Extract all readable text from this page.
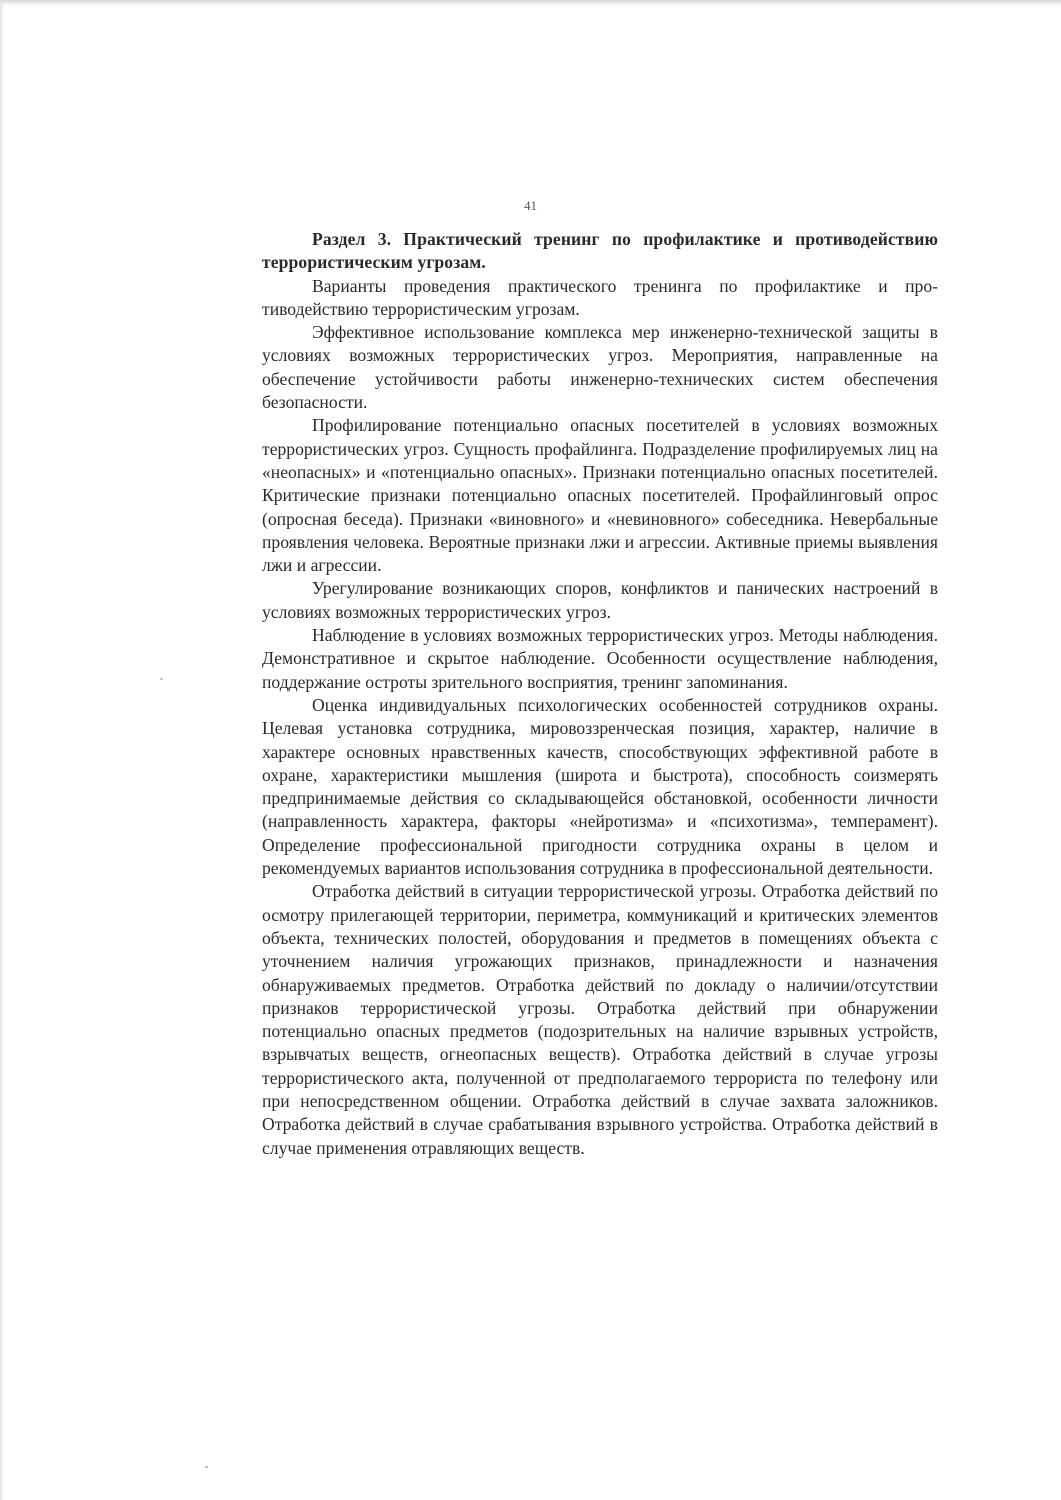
41

Раздел 3. Практический тренинг по профилактике и противодействию террористическим угрозам.

Варианты проведения практического тренинга по профилактике и противодействию террористическим угрозам.

Эффективное использование комплекса мер инженерно-технической защиты в условиях возможных террористических угроз. Мероприятия, направленные на обеспечение устойчивости работы инженерно-технических систем обеспечения безопасности.

Профилирование потенциально опасных посетителей в условиях возможных террористических угроз. Сущность профайлинга. Подразделение профилируемых лиц на «неопасных» и «потенциально опасных». Признаки потенциально опасных посетителей. Критические признаки потенциально опасных посетителей. Профайлинговый опрос (опросная беседа). Признаки «виновного» и «невиновного» собеседника. Невербальные проявления человека. Вероятные признаки лжи и агрессии. Активные приемы выявления лжи и агрессии.

Урегулирование возникающих споров, конфликтов и панических настроений в условиях возможных террористических угроз.

Наблюдение в условиях возможных террористических угроз. Методы наблюдения. Демонстративное и скрытое наблюдение. Особенности осуществление наблюдения, поддержание остроты зрительного восприятия, тренинг запоминания.

Оценка индивидуальных психологических особенностей сотрудников охраны. Целевая установка сотрудника, мировоззренческая позиция, характер, наличие в характере основных нравственных качеств, способствующих эффективной работе в охране, характеристики мышления (широта и быстрота), способность соизмерять предпринимаемые действия со складывающейся обстановкой, особенности личности (направленность характера, факторы «нейротизма» и «психотизма», темперамент). Определение профессиональной пригодности сотрудника охраны в целом и рекомендуемых вариантов использования сотрудника в профессиональной деятельности.

Отработка действий в ситуации террористической угрозы. Отработка действий по осмотру прилегающей территории, периметра, коммуникаций и критических элементов объекта, технических полостей, оборудования и предметов в помещениях объекта с уточнением наличия угрожающих признаков, принадлежности и назначения обнаруживаемых предметов. Отработка действий по докладу о наличии/отсутствии признаков террористической угрозы. Отработка действий при обнаружении потенциально опасных предметов (подозрительных на наличие взрывных устройств, взрывчатых веществ, огнеопасных веществ). Отработка действий в случае угрозы террористического акта, полученной от предполагаемого террориста по телефону или при непосредственном общении. Отработка действий в случае захвата заложников. Отработка действий в случае срабатывания взрывного устройства. Отработка действий в случае применения отравляющих веществ.
